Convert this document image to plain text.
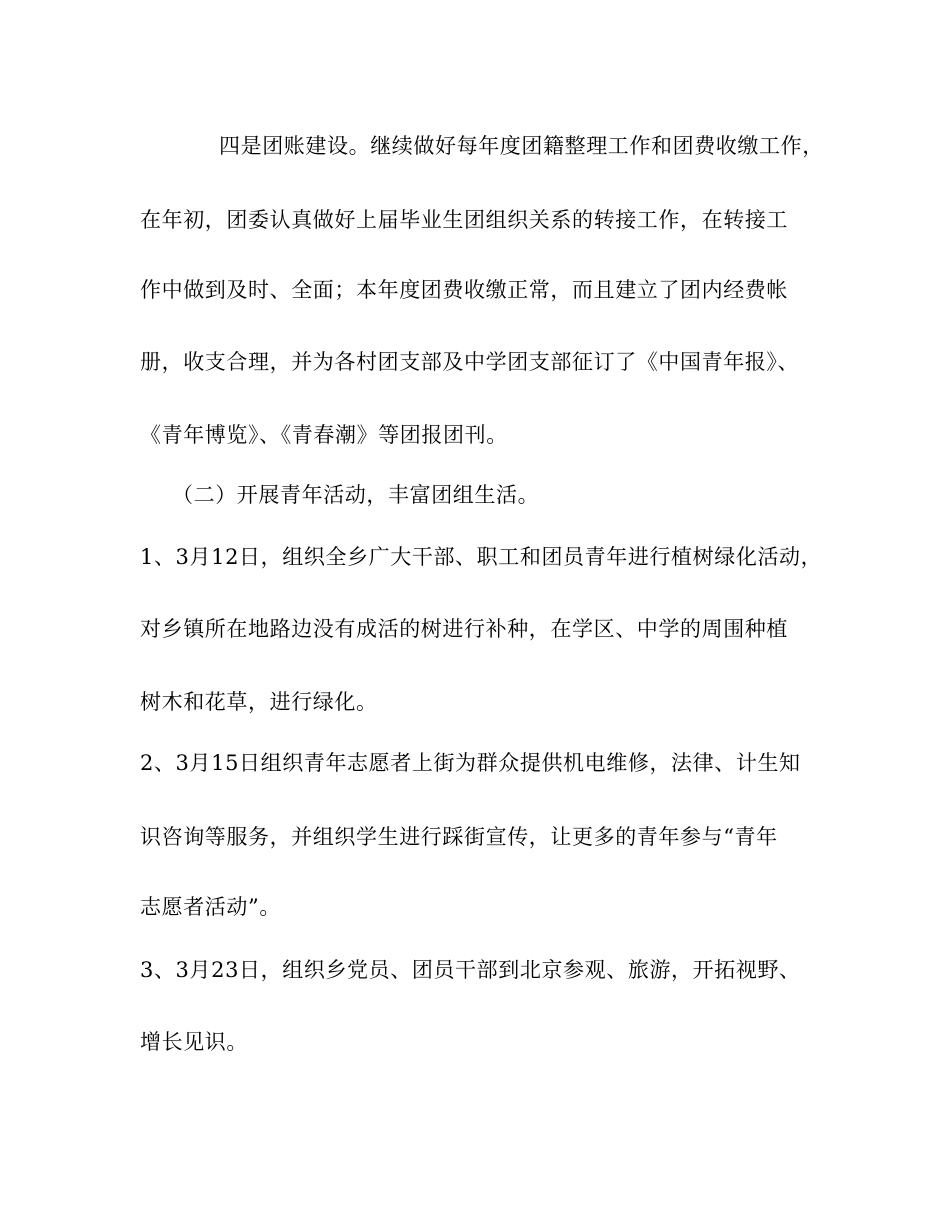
四是团账建设。继续做好每年度团籍整理工作和团费收缴工作，
在年初，团委认真做好上届毕业生团组织关系的转接工作，在转接工
作中做到及时、全面；本年度团费收缴正常，而且建立了团内经费帐
册，收支合理，并为各村团支部及中学团支部征订了《中国青年报》、
《青年博览》、《青春潮》等团报团刊。
（二）开展青年活动，丰富团组生活。
1、3月12日，组织全乡广大干部、职工和团员青年进行植树绿化活动，
对乡镇所在地路边没有成活的树进行补种，在学区、中学的周围种植
树木和花草，进行绿化。
2、3月15日组织青年志愿者上街为群众提供机电维修，法律、计生知
识咨询等服务，并组织学生进行踩街宣传，让更多的青年参与“青年
志愿者活动”。
3、3月23日，组织乡党员、团员干部到北京参观、旅游，开拓视野、
增长见识。
